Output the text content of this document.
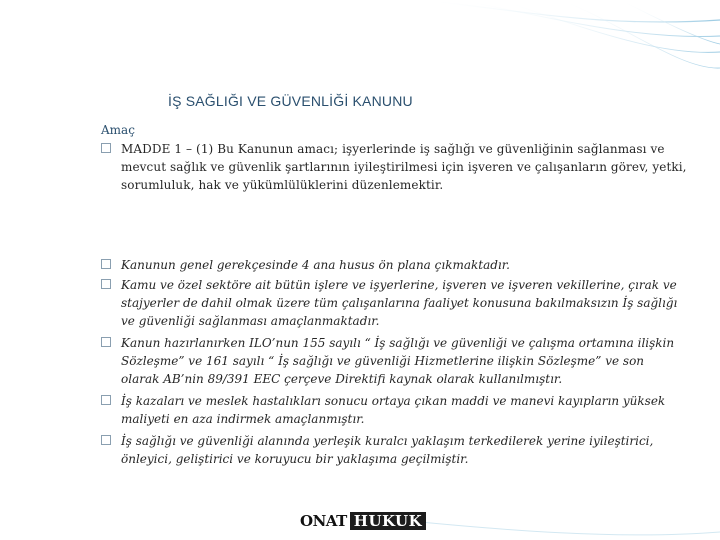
İŞ SAĞLIĞI VE GÜVENLİĞİ KANUNU
Amaç
MADDE 1 – (1) Bu Kanunun amacı; işyerlerinde iş sağlığı ve güvenliğinin sağlanması ve mevcut sağlık ve güvenlik şartlarının iyileştirilmesi için işveren ve çalışanların görev, yetki, sorumluluk, hak ve yükümlülüklerini düzenlemektir.
Kanunun genel gerekçesinde 4 ana husus ön plana çıkmaktadır.
Kamu ve özel sektöre ait bütün işlere ve işyerlerine, işveren ve işveren vekillerine, çırak ve stajyerler de dahil olmak üzere tüm çalışanlarına faaliyet konusuna bakılmaksızın İş sağlığı ve güvenliği sağlanması amaçlanmaktadır.
Kanun hazırlanırken ILO’nun 155 sayılı “ İş sağlığı ve güvenliği ve çalışma ortamına ilişkin Sözleşme” ve 161 sayılı “ İş sağlığı ve güvenliği Hizmetlerine ilişkin Sözleşme” ve son olarak AB’nin 89/391 EEC çerçeve Direktifi kaynak olarak kullanılmıştır.
İş kazaları ve meslek hastalıkları sonucu ortaya çıkan maddi ve manevi kayıpların yüksek maliyeti en aza indirmek amaçlanmıştır.
İş sağlığı ve güvenliği alanında yerleşik kuralcı yaklaşım terkedilerek yerine iyileştirici, önleyici, geliştirici ve koruyucu bir yaklaşıma geçilmiştir.
ONAT HUKUK
